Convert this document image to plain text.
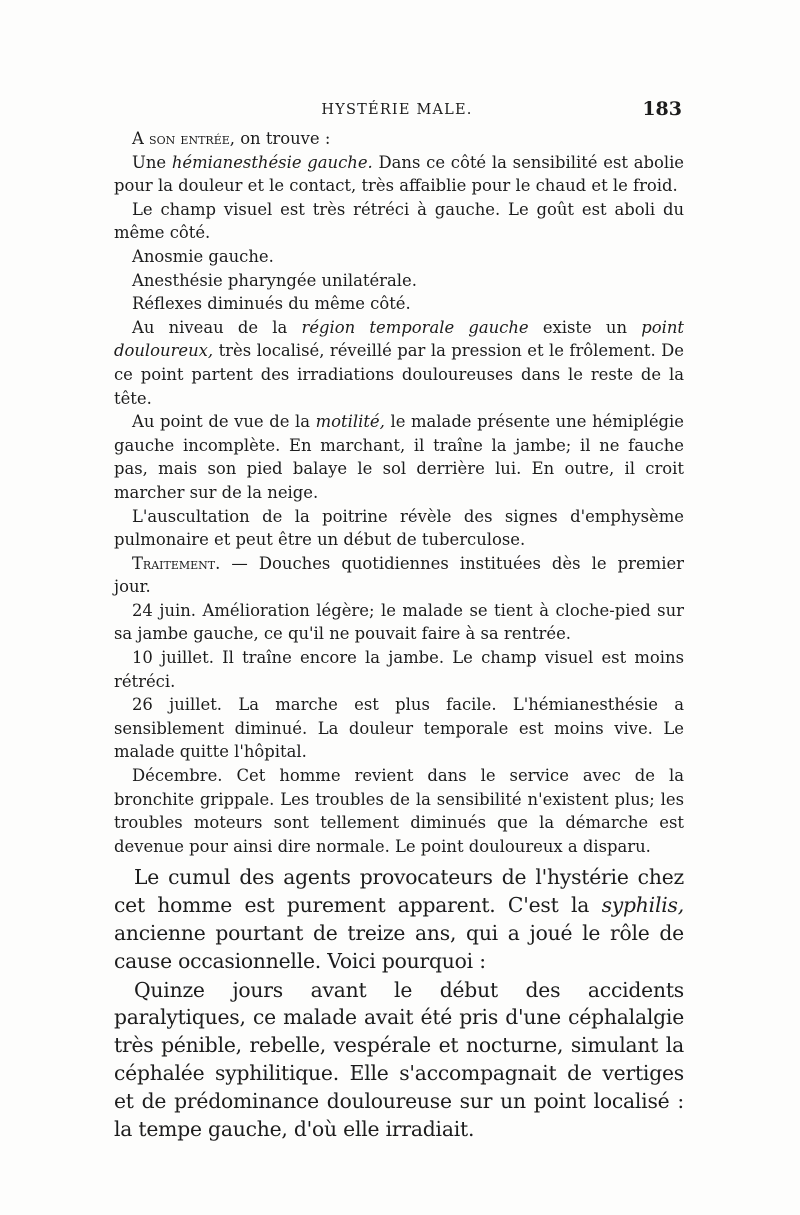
HYSTÉRIE MALE.	183

A son entrée, on trouve :

Une hémianesthésie gauche. Dans ce côté la sensibilité est abolie pour la douleur et le contact, très affaiblie pour le chaud et le froid.

Le champ visuel est très rétréci à gauche. Le goût est aboli du même côté.

Anosmie gauche.

Anesthésie pharyngée unilatérale.

Réflexes diminués du même côté.

Au niveau de la région temporale gauche existe un point douloureux, très localisé, réveillé par la pression et le frôlement. De ce point partent des irradiations douloureuses dans le reste de la tête.

Au point de vue de la motilité, le malade présente une hémiplégie gauche incomplète. En marchant, il traîne la jambe; il ne fauche pas, mais son pied balaye le sol derrière lui. En outre, il croit marcher sur de la neige.

L'auscultation de la poitrine révèle des signes d'emphysème pulmonaire et peut être un début de tuberculose.

Traitement. — Douches quotidiennes instituées dès le premier jour.

24 juin. Amélioration légère; le malade se tient à cloche-pied sur sa jambe gauche, ce qu'il ne pouvait faire à sa rentrée.

10 juillet. Il traîne encore la jambe. Le champ visuel est moins rétréci.

26 juillet. La marche est plus facile. L'hémianesthésie a sensiblement diminué. La douleur temporale est moins vive. Le malade quitte l'hôpital.

Décembre. Cet homme revient dans le service avec de la bronchite grippale. Les troubles de la sensibilité n'existent plus; les troubles moteurs sont tellement diminués que la démarche est devenue pour ainsi dire normale. Le point douloureux a disparu.

Le cumul des agents provocateurs de l'hystérie chez cet homme est purement apparent. C'est la syphilis, ancienne pourtant de treize ans, qui a joué le rôle de cause occasionnelle. Voici pourquoi :

Quinze jours avant le début des accidents paralytiques, ce malade avait été pris d'une céphalalgie très pénible, rebelle, vespérale et nocturne, simulant la céphalée syphilitique. Elle s'accompagnait de vertiges et de prédominance douloureuse sur un point localisé : la tempe gauche, d'où elle irradiait.
